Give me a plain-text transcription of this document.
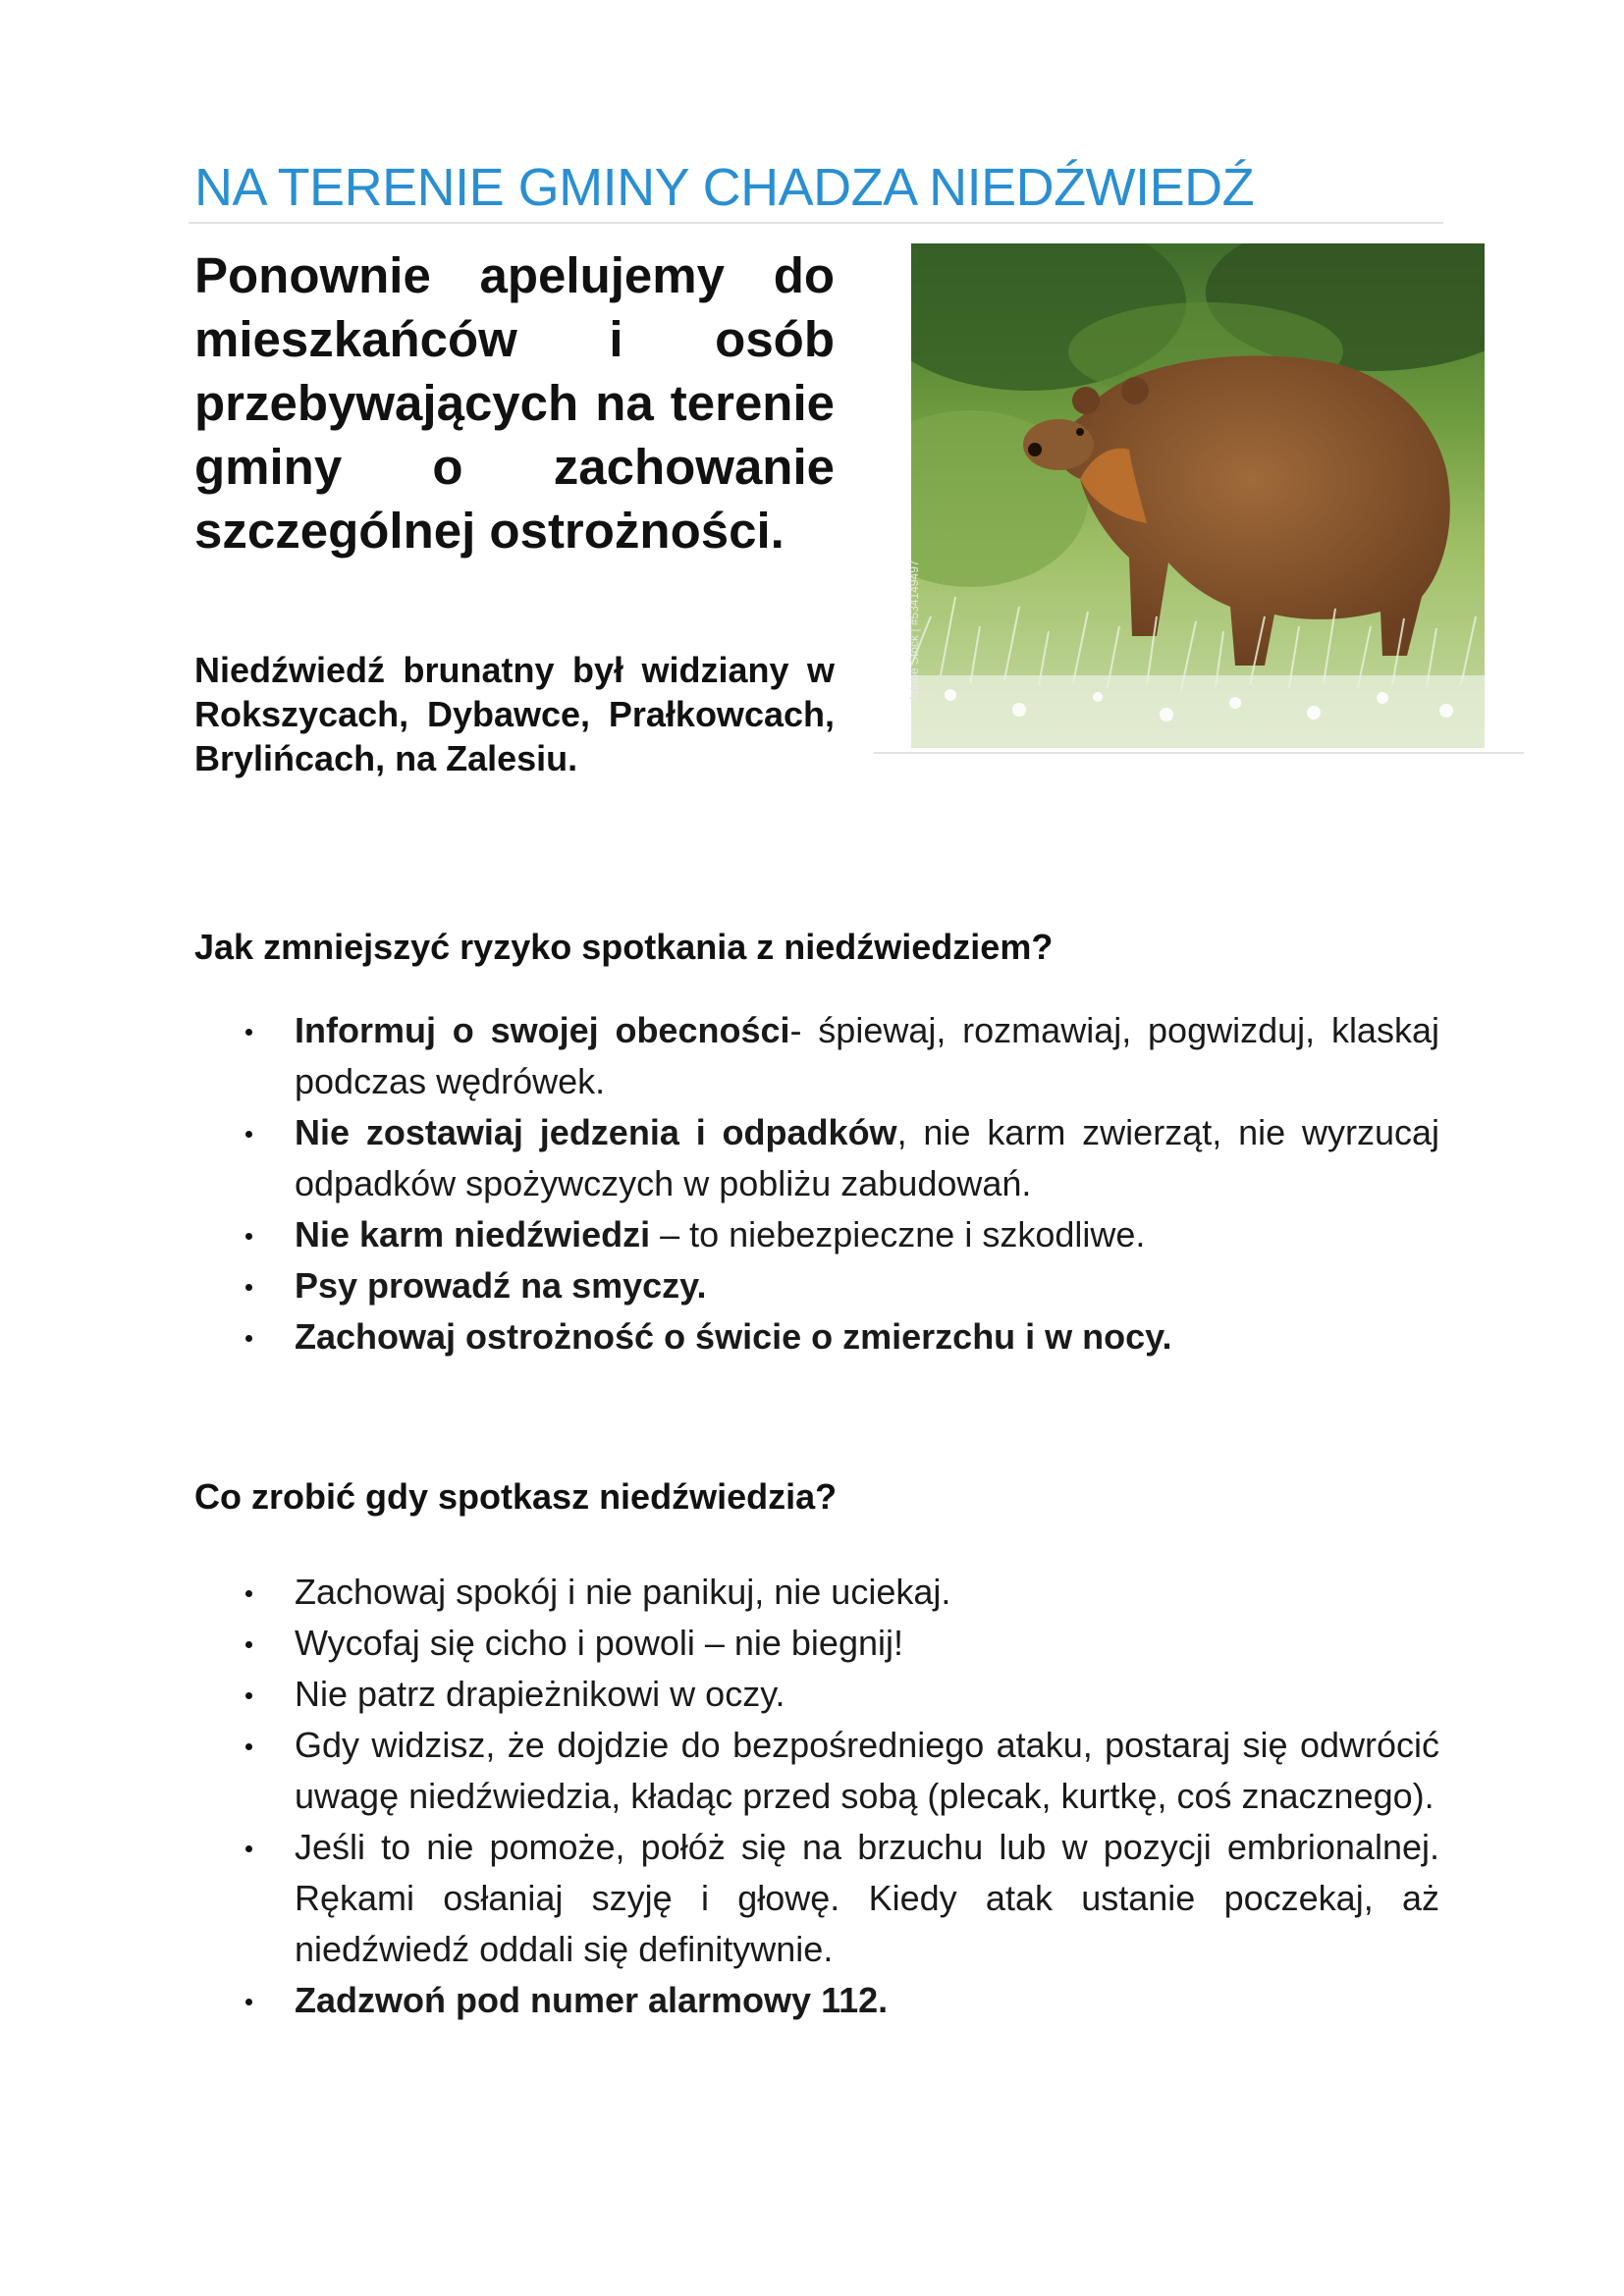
NA TERENIE GMINY CHADZA NIEDŹWIEDŹ

Ponownie apelujemy do mieszkańców i osób przebywających na terenie gminy o zachowanie szczególnej ostrożności.

Niedźwiedź brunatny był widziany w Rokszycach, Dybawce, Prałkowcach, Brylińcach, na Zalesiu.

Adobe Stock | #534149497
Jak zmniejszyć ryzyko spotkania z niedźwiedziem?
Informuj o swojej obecności- śpiewaj, rozmawiaj, pogwizduj, klaskaj podczas wędrówek.
Nie zostawiaj jedzenia i odpadków, nie karm zwierząt, nie wyrzucaj odpadków spożywczych w pobliżu zabudowań.
Nie karm niedźwiedzi – to niebezpieczne i szkodliwe.
Psy prowadź na smyczy.
Zachowaj ostrożność o świcie o zmierzchu i w nocy.
Co zrobić gdy spotkasz niedźwiedzia?
Zachowaj spokój i nie panikuj, nie uciekaj.
Wycofaj się cicho i powoli – nie biegnij!
Nie patrz drapieżnikowi w oczy.
Gdy widzisz, że dojdzie do bezpośredniego ataku, postaraj się odwrócić uwagę niedźwiedzia, kładąc przed sobą (plecak, kurtkę, coś znacznego).
Jeśli to nie pomoże, połóż się na brzuchu lub w pozycji embrionalnej. Rękami osłaniaj szyję i głowę. Kiedy atak ustanie poczekaj, aż niedźwiedź oddali się definitywnie.
Zadzwoń pod numer alarmowy 112.
